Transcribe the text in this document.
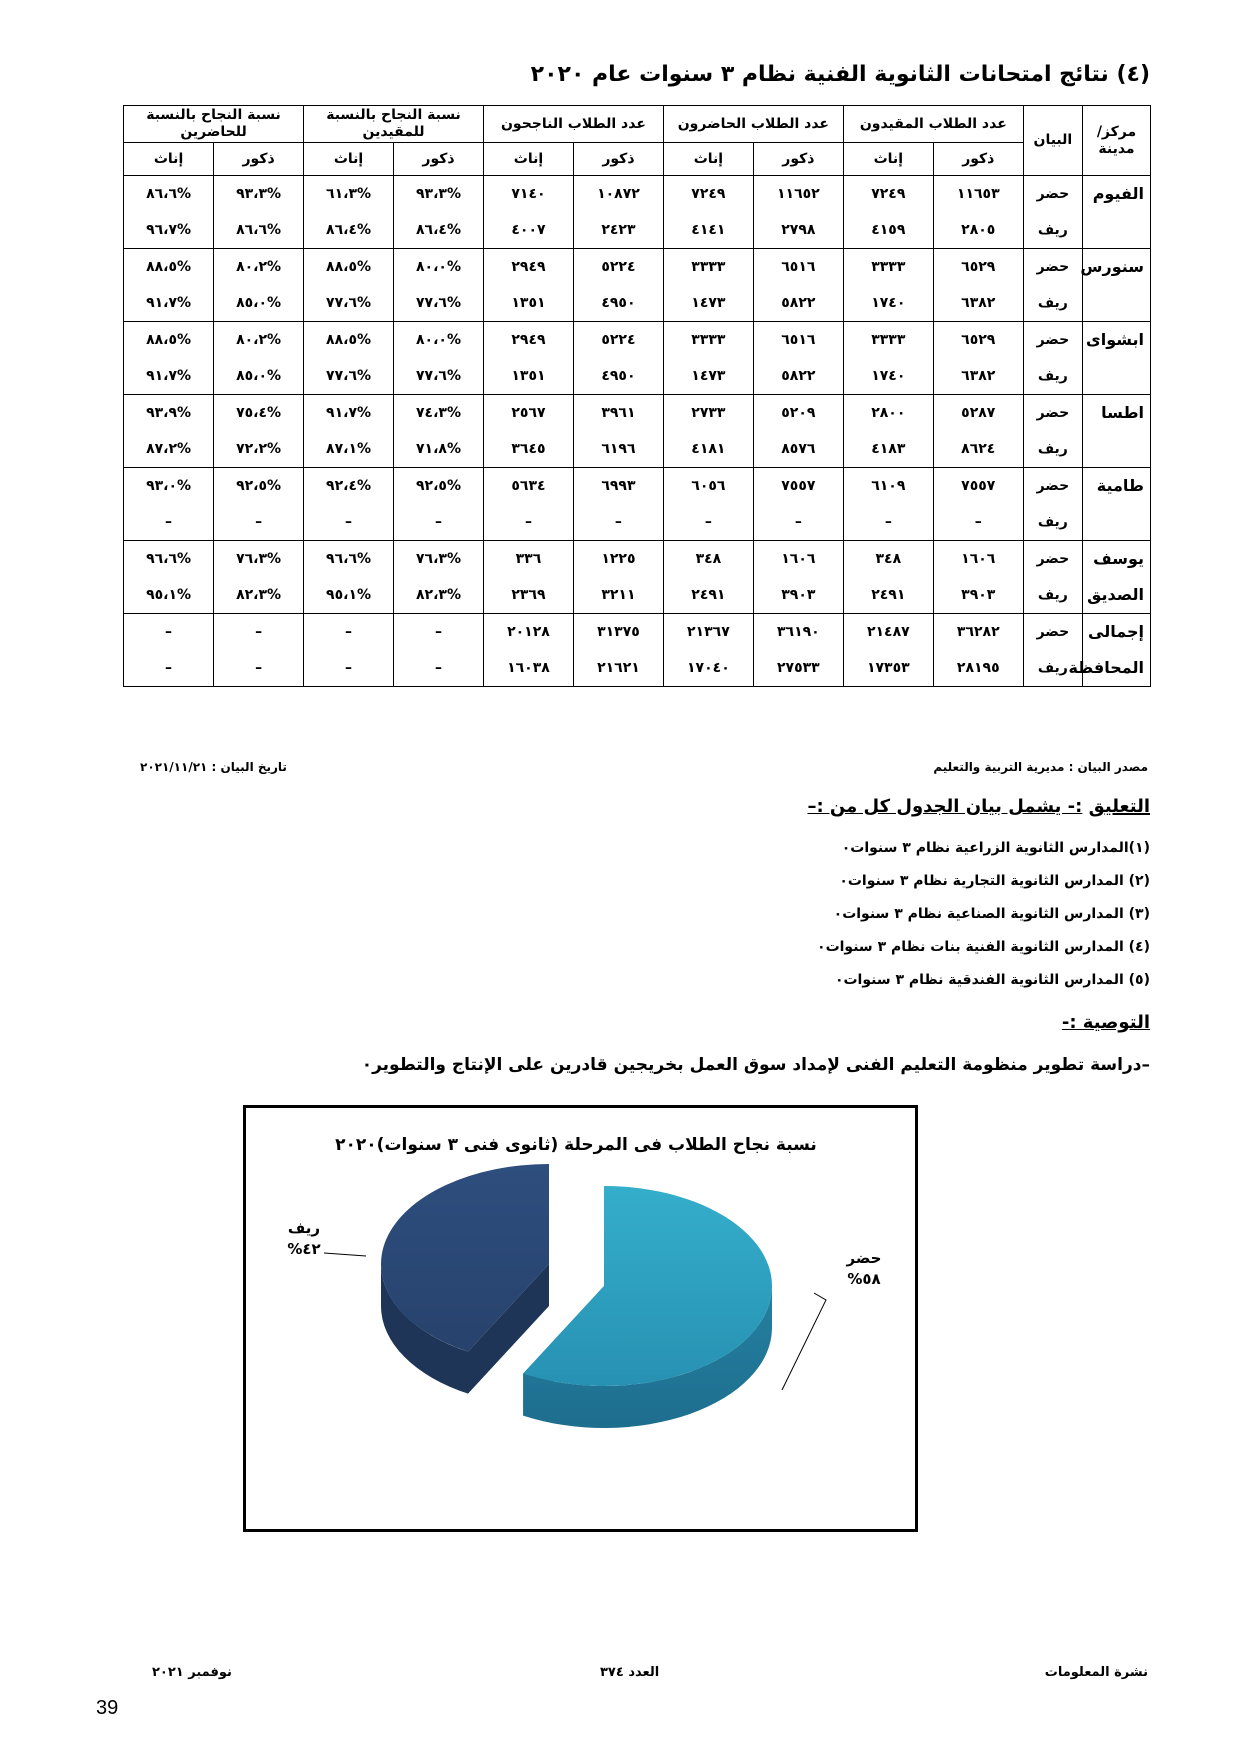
(٤) نتائج امتحانات الثانوية الفنية نظام ٣ سنوات عام ٢٠٢٠
مركز/مدينة	البيان	عدد الطلاب المقيدون		عدد الطلاب الحاضرون		عدد الطلاب الناجحون		نسبة النجاح بالنسبة للمقيدين		نسبة النجاح بالنسبة للحاضرين	

		ذكور	إناث	ذكور	إناث	ذكور	إناث	ذكور	إناث	ذكور	إناث
الفيوم	حضر	١١٦٥٣	٧٢٤٩	١١٦٥٢	٧٢٤٩	١٠٨٧٢	٧١٤٠	%٩٣،٣	%٦١،٣	%٩٣،٣	%٨٦،٦
	ريف	٢٨٠٥	٤١٥٩	٢٧٩٨	٤١٤١	٢٤٢٣	٤٠٠٧	%٨٦،٤	%٨٦،٤	%٨٦،٦	%٩٦،٧
سنورس	حضر	٦٥٢٩	٣٣٣٣	٦٥١٦	٣٣٣٣	٥٢٢٤	٢٩٤٩	%٨٠،٠	%٨٨،٥	%٨٠،٢	%٨٨،٥
	ريف	٦٣٨٢	١٧٤٠	٥٨٢٢	١٤٧٣	٤٩٥٠	١٣٥١	%٧٧،٦	%٧٧،٦	%٨٥،٠	%٩١،٧
ابشواى	حضر	٦٥٢٩	٣٣٣٣	٦٥١٦	٣٣٣٣	٥٢٢٤	٢٩٤٩	%٨٠،٠	%٨٨،٥	%٨٠،٢	%٨٨،٥
	ريف	٦٣٨٢	١٧٤٠	٥٨٢٢	١٤٧٣	٤٩٥٠	١٣٥١	%٧٧،٦	%٧٧،٦	%٨٥،٠	%٩١،٧
اطسا	حضر	٥٢٨٧	٢٨٠٠	٥٢٠٩	٢٧٣٣	٣٩٦١	٢٥٦٧	%٧٤،٣	%٩١،٧	%٧٥،٤	%٩٣،٩
	ريف	٨٦٢٤	٤١٨٣	٨٥٧٦	٤١٨١	٦١٩٦	٣٦٤٥	%٧١،٨	%٨٧،١	%٧٢،٢	%٨٧،٢
طامية	حضر	٧٥٥٧	٦١٠٩	٧٥٥٧	٦٠٥٦	٦٩٩٣	٥٦٣٤	%٩٢،٥	%٩٢،٤	%٩٢،٥	%٩٣،٠
	ريف	–	–	–	–	–	–	–	–	–	–
يوسف	حضر	١٦٠٦	٣٤٨	١٦٠٦	٣٤٨	١٢٢٥	٣٣٦	%٧٦،٣	%٩٦،٦	%٧٦،٣	%٩٦،٦
الصديق	ريف	٣٩٠٣	٢٤٩١	٣٩٠٣	٢٤٩١	٣٢١١	٢٣٦٩	%٨٢،٣	%٩٥،١	%٨٢،٣	%٩٥،١
إجمالى	حضر	٣٦٢٨٢	٢١٤٨٧	٣٦١٩٠	٢١٣٦٧	٣١٣٧٥	٢٠١٢٨	–	–	–	–
المحافظة	ريف	٢٨١٩٥	١٧٣٥٣	٢٧٥٣٣	١٧٠٤٠	٢١٦٢١	١٦٠٣٨	–	–	–	–
مصدر البيان : مديرية التربية والتعليم
تاريخ البيان : ٢٠٢١/١١/٢١
التعليق :- يشمل بيان الجدول كل من :–
(١)المدارس الثانوية الزراعية نظام ٣ سنوات٠
(٢) المدارس الثانوية التجارية نظام ٣ سنوات٠
(٣) المدارس الثانوية الصناعية نظام ٣ سنوات٠
(٤) المدارس الثانوية الفنية بنات نظام ٣ سنوات٠
(٥) المدارس الثانوية الفندقية نظام ٣ سنوات٠
التوصية :-
–دراسة تطوير منظومة التعليم الفنى لإمداد سوق العمل بخريجين قادرين على الإنتاج والتطوير٠
نسبة نجاح الطلاب فى المرحلة (ثانوى فنى ٣ سنوات)٢٠٢٠
حضر
%٥٨
ريف
%٤٢
نشرة المعلومات
العدد ٣٧٤
نوفمبر ٢٠٢١
39
